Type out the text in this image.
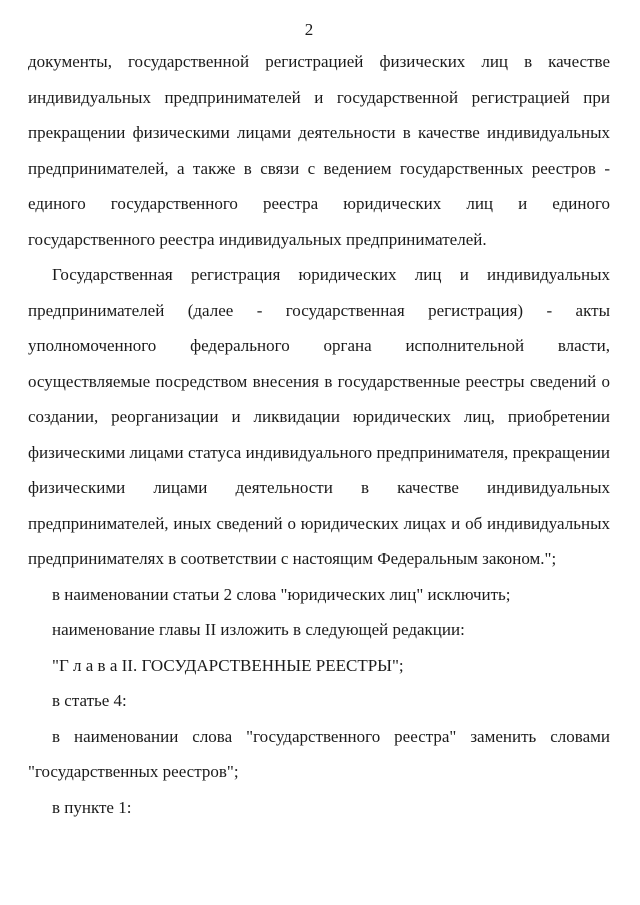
2
документы, государственной регистрацией физических лиц в качестве
индивидуальных предпринимателей и государственной регистрацией при
прекращении физическими лицами деятельности в качестве индивидуальных
предпринимателей, а также в связи с ведением государственных реестров -
единого государственного реестра юридических лиц и единого
государственного реестра индивидуальных предпринимателей.
Государственная регистрация юридических лиц и индивидуальных
предпринимателей (далее - государственная регистрация) - акты
уполномоченного федерального органа исполнительной власти,
осуществляемые посредством внесения в государственные реестры сведений о
создании, реорганизации и ликвидации юридических лиц, приобретении
физическими лицами статуса индивидуального предпринимателя, прекращении
физическими лицами деятельности в качестве индивидуальных
предпринимателей, иных сведений о юридических лицах и об индивидуальных
предпринимателях в соответствии с настоящим Федеральным законом.";
в наименовании статьи 2 слова "юридических лиц" исключить;
наименование главы II изложить в следующей редакции:
"Г л а в а II. ГОСУДАРСТВЕННЫЕ РЕЕСТРЫ";
в статье 4:
в наименовании слова "государственного реестра" заменить словами
"государственных реестров";
в пункте 1:
